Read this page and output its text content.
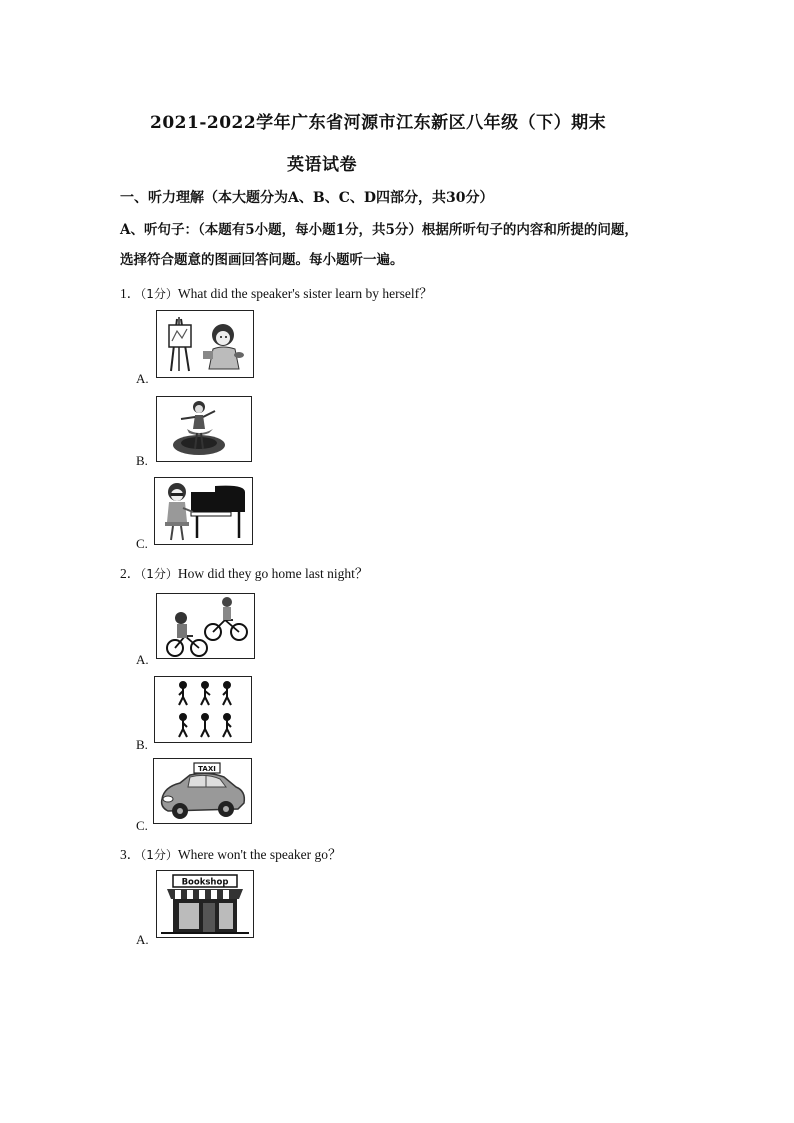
2021-2022学年广东省河源市江东新区八年级（下）期末
英语试卷
一、听力理解（本大题分为A、B、C、D四部分，共30分）
A、听句子：（本题有5小题，每小题1分，共5分）根据所听句子的内容和所提的问题，
选择符合题意的图画回答问题。每小题听一遍。
1．（1分）What did the speaker's sister learn by herself？
A.
B.
C.
2．（1分）How did they go home last night？
A.
B.
C.
TAXI
3．（1分）Where won't the speaker go？
A.
Bookshop
